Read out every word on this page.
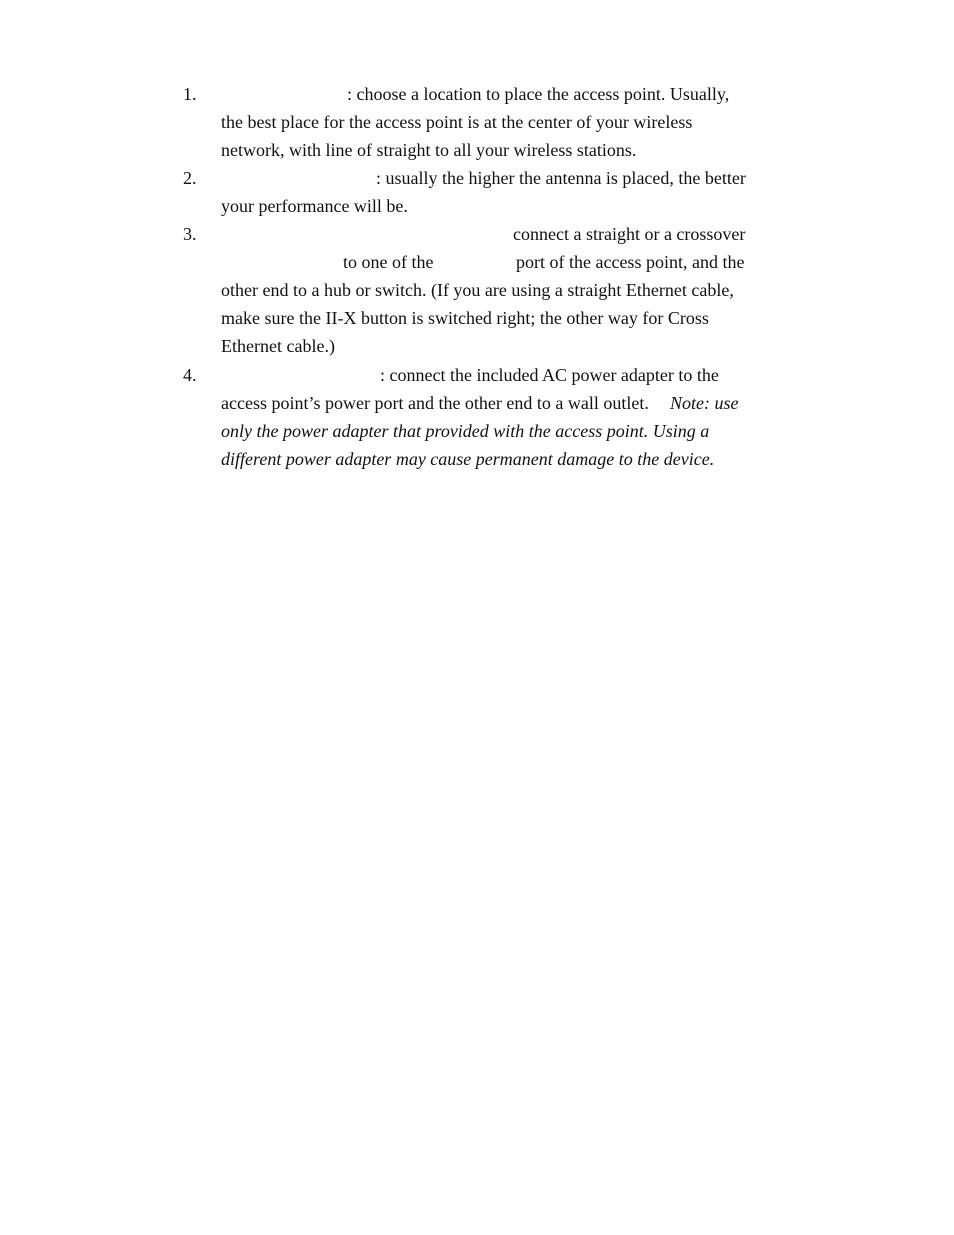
1.	: choose a location to place the access point. Usually,
the best place for the access point is at the center of your wireless
network, with line of straight to all your wireless stations.
2.	: usually the higher the antenna is placed, the better
your performance will be.
3.	connect a straight or a crossover
to one of the	port of the access point, and the
other end to a hub or switch. (If you are using a straight Ethernet cable,
make sure the II-X button is switched right; the other way for Cross
Ethernet cable.)
4.	: connect the included AC power adapter to the
access point’s power port and the other end to a wall outlet. Note: use
only the power adapter that provided with the access point. Using a
different power adapter may cause permanent damage to the device.
